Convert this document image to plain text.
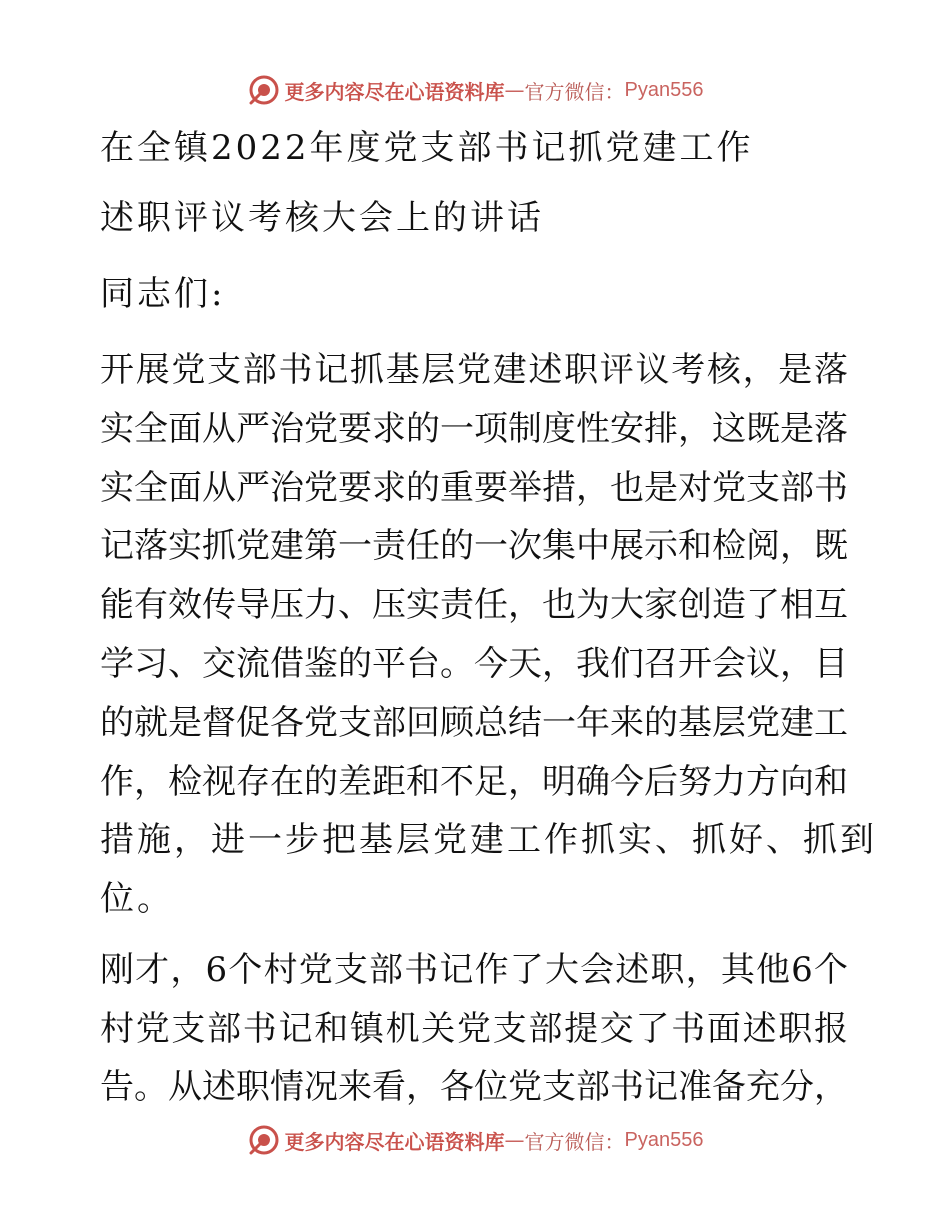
更多内容尽在心语资料库 — 官方微信： Pyan556
在全镇2022年度党支部书记抓党建工作
述职评议考核大会上的讲话
同志们:
开展党支部书记抓基层党建述职评议考核，是落
实全面从严治党要求的一项制度性安排，这既是落
实全面从严治党要求的重要举措，也是对党支部书
记落实抓党建第一责任的一次集中展示和检阅，既
能有效传导压力、压实责任，也为大家创造了相互
学习、交流借鉴的平台。今天，我们召开会议，目
的就是督促各党支部回顾总结一年来的基层党建工
作，检视存在的差距和不足，明确今后努力方向和
措施，进一步把基层党建工作抓实、抓好、抓到
位。
刚才，6个村党支部书记作了大会述职，其他6个
村党支部书记和镇机关党支部提交了书面述职报
告。从述职情况来看，各位党支部书记准备充分，
更多内容尽在心语资料库 — 官方微信： Pyan556
